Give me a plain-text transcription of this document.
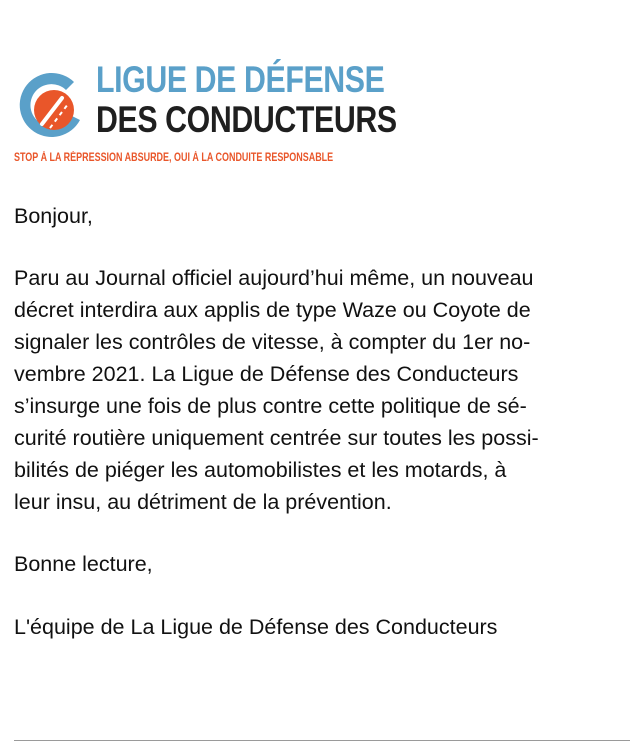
LIGUE DE DÉFENSE
DES CONDUCTEURS
STOP À LA RÉPRESSION ABSURDE, OUI À LA CONDUITE RESPONSABLE

Bonjour,

Paru au Journal officiel aujourd’hui même, un nouveau
décret interdira aux applis de type Waze ou Coyote de
signaler les contrôles de vitesse, à compter du 1er no-
vembre 2021. La Ligue de Défense des Conducteurs
s’insurge une fois de plus contre cette politique de sé-
curité routière uniquement centrée sur toutes les possi-
bilités de piéger les automobilistes et les motards, à
leur insu, au détriment de la prévention.

Bonne lecture,

L'équipe de La Ligue de Défense des Conducteurs
